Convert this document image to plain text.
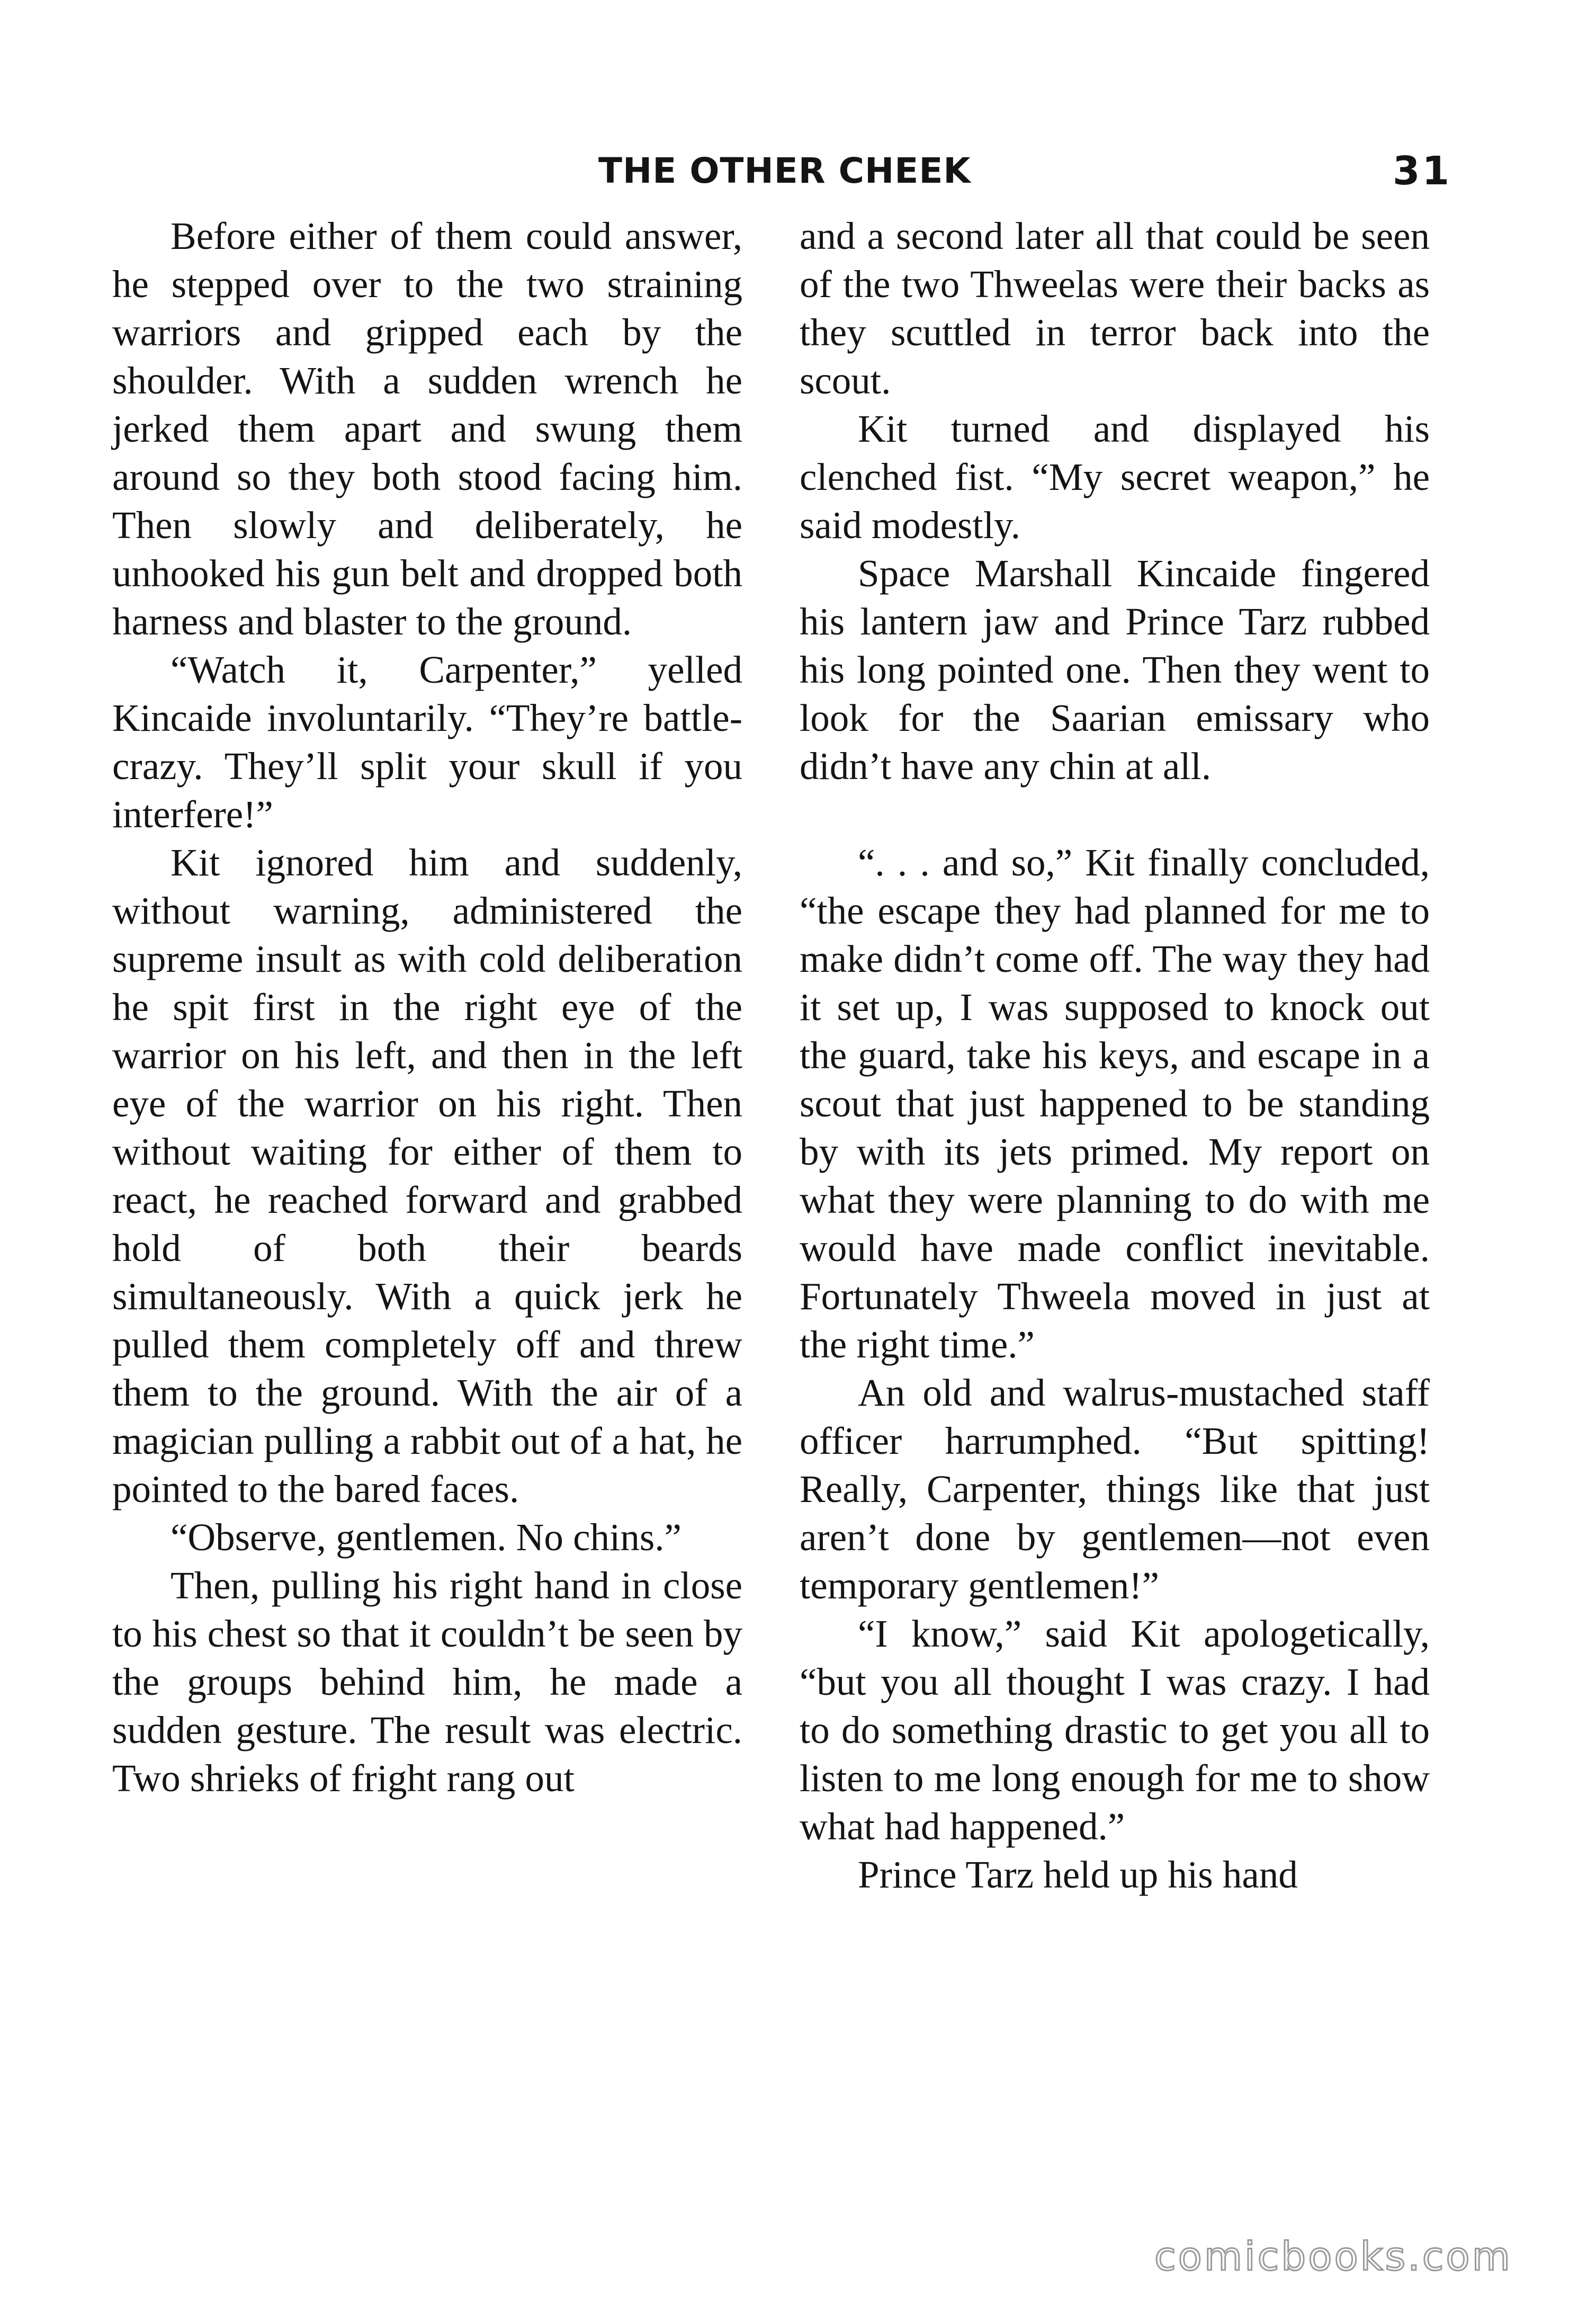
THE OTHER CHEEK	31

Before either of them could answer, he stepped over to the two straining warriors and gripped each by the shoulder. With a sudden wrench he jerked them apart and swung them around so they both stood facing him. Then slowly and deliberately, he unhooked his gun belt and dropped both harness and blaster to the ground.

“Watch it, Carpenter,” yelled Kincaide involuntarily. “They’re battle-crazy. They’ll split your skull if you interfere!”

Kit ignored him and suddenly, without warning, administered the supreme insult as with cold deliberation he spit first in the right eye of the warrior on his left, and then in the left eye of the warrior on his right. Then without waiting for either of them to react, he reached forward and grabbed hold of both their beards simultaneously. With a quick jerk he pulled them completely off and threw them to the ground. With the air of a magician pulling a rabbit out of a hat, he pointed to the bared faces.

“Observe, gentlemen. No chins.”

Then, pulling his right hand in close to his chest so that it couldn’t be seen by the groups behind him, he made a sudden gesture. The result was electric. Two shrieks of fright rang out

and a second later all that could be seen of the two Thweelas were their backs as they scuttled in terror back into the scout.

Kit turned and displayed his clenched fist. “My secret weapon,” he said modestly.

Space Marshall Kincaide fingered his lantern jaw and Prince Tarz rubbed his long pointed one. Then they went to look for the Saarian emissary who didn’t have any chin at all.

“. . . and so,” Kit finally concluded, “the escape they had planned for me to make didn’t come off. The way they had it set up, I was supposed to knock out the guard, take his keys, and escape in a scout that just happened to be standing by with its jets primed. My report on what they were planning to do with me would have made conflict inevitable. Fortunately Thweela moved in just at the right time.”

An old and walrus-mustached staff officer harrumphed. “But spitting! Really, Carpenter, things like that just aren’t done by gentlemen—not even temporary gentlemen!”

“I know,” said Kit apologetically, “but you all thought I was crazy. I had to do something drastic to get you all to listen to me long enough for me to show what had happened.”

Prince Tarz held up his hand

comicbooks.com
